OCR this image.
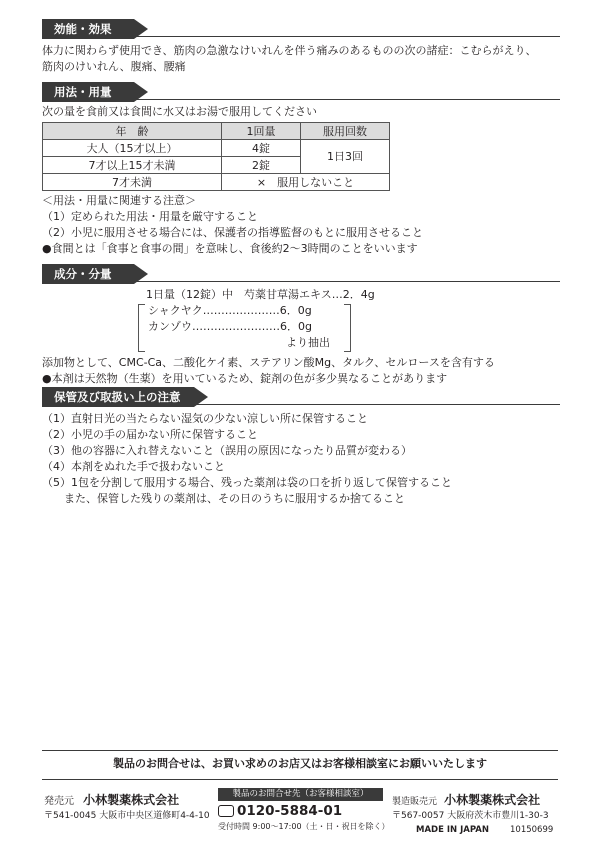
効能・効果

体力に関わらず使用でき、筋肉の急激なけいれんを伴う痛みのあるものの次の諸症：こむらがえり、

筋肉のけいれん、腹痛、腰痛

用法・用量

次の量を食前又は食間に水又はお湯で服用してください

年　齢	1回量	服用回数
大人（15才以上）	4錠	1日3回
7才以上15才未満	2錠	
7才未満	×　服用しないこと	

＜用法・用量に関連する注意＞

（1）定められた用法・用量を厳守すること

（2）小児に服用させる場合には、保護者の指導監督のもとに服用させること

●食間とは「食事と食事の間」を意味し、食後約2～3時間のことをいいます

成分・分量

1日量（12錠）中　芍薬甘草湯エキス…2．4g

シャクヤク…………………6．0g

カンゾウ……………………6．0g

より抽出

添加物として、CMC-Ca、二酸化ケイ素、ステアリン酸Mg、タルク、セルロースを含有する

●本剤は天然物（生薬）を用いているため、錠剤の色が多少異なることがあります

保管及び取扱い上の注意

（1）直射日光の当たらない湿気の少ない涼しい所に保管すること

（2）小児の手の届かない所に保管すること

（3）他の容器に入れ替えないこと（誤用の原因になったり品質が変わる）

（4）本剤をぬれた手で扱わないこと

（5）1包を分割して服用する場合、残った薬剤は袋の口を折り返して保管すること

　　また、保管した残りの薬剤は、その日のうちに服用するか捨てること

製品のお問合せは、お買い求めのお店又はお客様相談室にお願いいたします

発売元 小林製薬株式会社

〒541-0045 大阪市中央区道修町4-4-10

製品のお問合せ先（お客様相談室）
0120-5884-01

受付時間 9:00～17:00（土・日・祝日を除く）

製造販売元 小林製薬株式会社

〒567-0057 大阪府茨木市豊川1-30-3

MADE IN JAPAN 10150699
